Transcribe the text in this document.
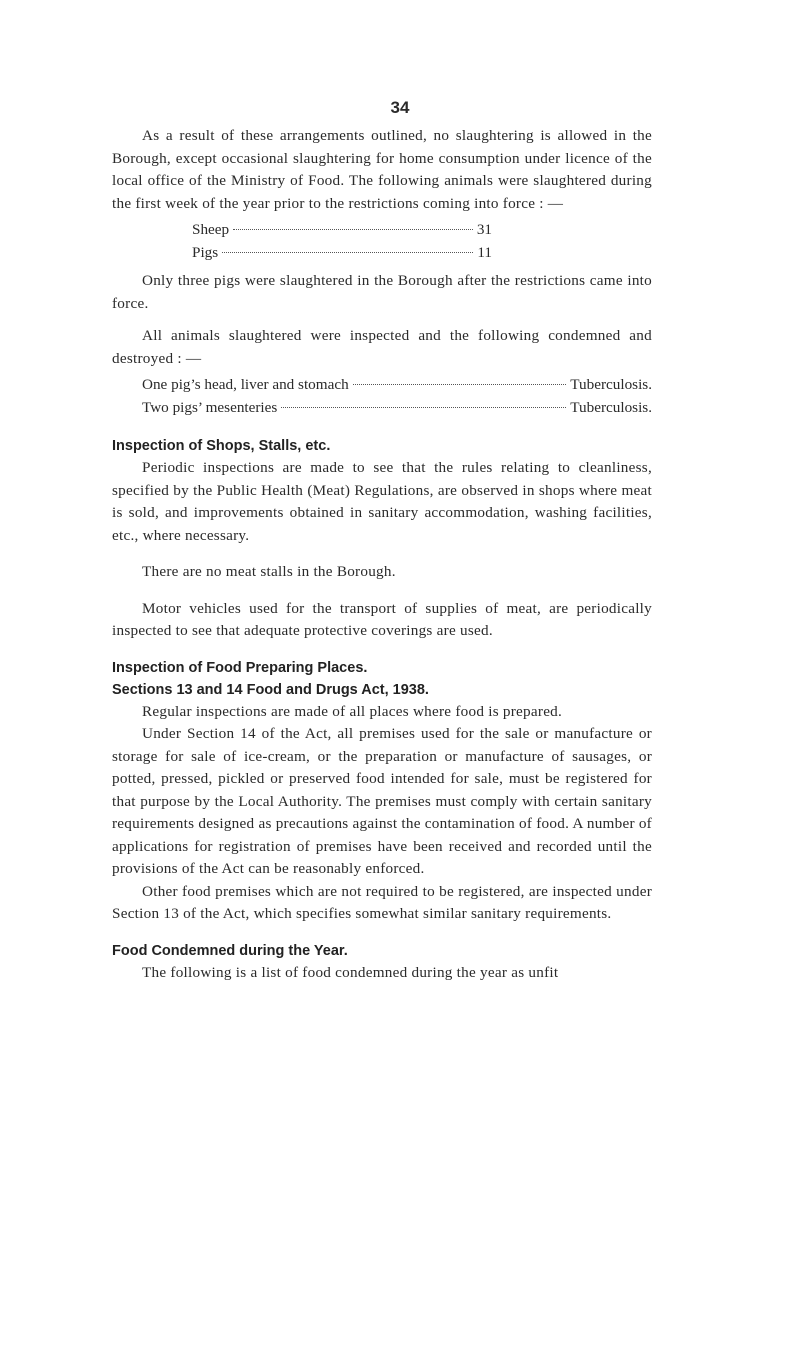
34

As a result of these arrangements outlined, no slaughtering is allowed in the Borough, except occasional slaughtering for home consumption under licence of the local office of the Ministry of Food. The following animals were slaughtered during the first week of the year prior to the restrictions coming into force : —

Sheep	31
Pigs	11

Only three pigs were slaughtered in the Borough after the restrictions came into force.

All animals slaughtered were inspected and the following condemned and destroyed : —

One pig’s head, liver and stomach	Tuberculosis.
Two pigs’ mesenteries	Tuberculosis.
Inspection of Shops, Stalls, etc.

Periodic inspections are made to see that the rules relating to cleanliness, specified by the Public Health (Meat) Regulations, are observed in shops where meat is sold, and improvements obtained in sanitary accommodation, washing facilities, etc., where necessary.

There are no meat stalls in the Borough.

Motor vehicles used for the transport of supplies of meat, are periodically inspected to see that adequate protective coverings are used.

Inspection of Food Preparing Places.
Sections 13 and 14 Food and Drugs Act, 1938.

Regular inspections are made of all places where food is prepared.

Under Section 14 of the Act, all premises used for the sale or manufacture or storage for sale of ice-cream, or the preparation or manufacture of sausages, or potted, pressed, pickled or preserved food intended for sale, must be registered for that purpose by the Local Authority. The premises must comply with certain sanitary requirements designed as precautions against the contamination of food. A number of applications for registration of premises have been received and recorded until the provisions of the Act can be reasonably enforced.

Other food premises which are not required to be registered, are inspected under Section 13 of the Act, which specifies somewhat similar sanitary requirements.

Food Condemned during the Year.

The following is a list of food condemned during the year as unfit
